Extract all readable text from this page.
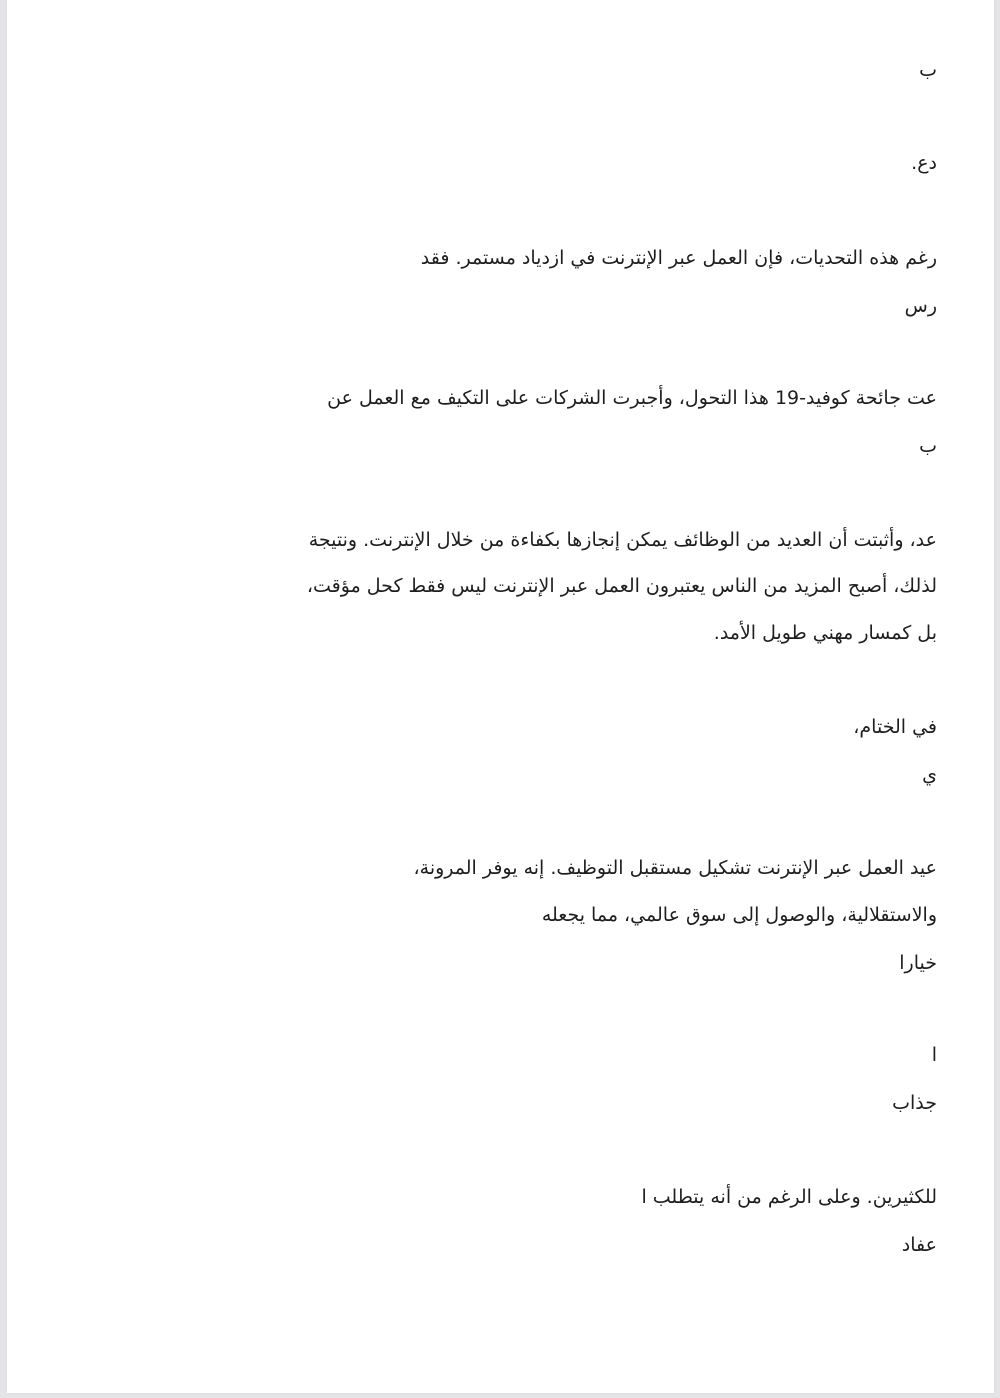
ب
دع.
رغم هذه التحديات، فإن العمل عبر الإنترنت في ازدياد مستمر. فقد
رس
عت جائحة كوفيد-19 هذا التحول، وأجبرت الشركات على التكيف مع العمل عن
ب
عد، وأثبتت أن العديد من الوظائف يمكن إنجازها بكفاءة من خلال الإنترنت. ونتيجة
لذلك، أصبح المزيد من الناس يعتبرون العمل عبر الإنترنت ليس فقط كحل مؤقت،
بل كمسار مهني طويل الأمد.
في الختام،
ي
عيد العمل عبر الإنترنت تشكيل مستقبل التوظيف. إنه يوفر المرونة،
والاستقلالية، والوصول إلى سوق عالمي، مما يجعله
خيارا
ا
جذاب
للكثيرين. وعلى الرغم من أنه يتطلب ا
عفاد
